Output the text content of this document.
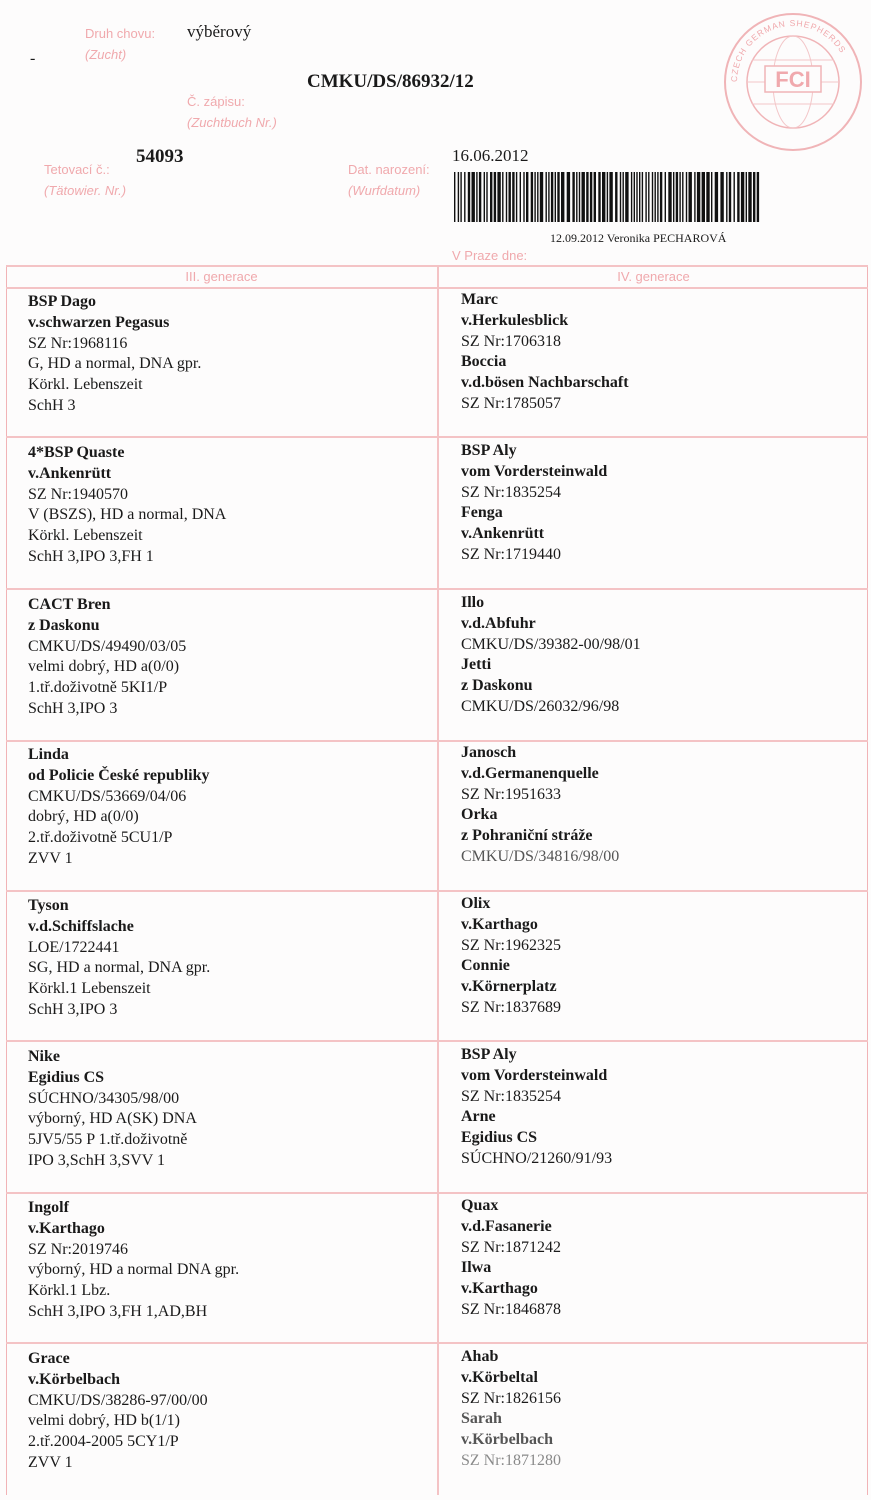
Druh chovu:
(Zucht)
výběrový
-
CMKU/DS/86932/12
Č. zápisu:
(Zuchtbuch Nr.)
Tetovací č.:
(Tätowier. Nr.)
54093
Dat. narození:
(Wurfdatum)
16.06.2012
12.09.2012 Veronika PECHAROVÁ
V Praze dne:
FCI
CZECH GERMAN SHEPHERDS
III. generace	IV. generace
BSP Dago
v.schwarzen Pegasus
SZ Nr:1968116
G, HD a normal, DNA gpr.
Körkl. Lebenszeit
SchH 3
Marc
v.Herkulesblick
SZ Nr:1706318
Boccia
v.d.bösen Nachbarschaft
SZ Nr:1785057
4*BSP Quaste
v.Ankenrütt
SZ Nr:1940570
V (BSZS), HD a normal, DNA
Körkl. Lebenszeit
SchH 3,IPO 3,FH 1
BSP Aly
vom Vordersteinwald
SZ Nr:1835254
Fenga
v.Ankenrütt
SZ Nr:1719440
CACT Bren
z Daskonu
CMKU/DS/49490/03/05
velmi dobrý, HD a(0/0)
1.tř.doživotně 5KI1/P
SchH 3,IPO 3
Illo
v.d.Abfuhr
CMKU/DS/39382-00/98/01
Jetti
z Daskonu
CMKU/DS/26032/96/98
Linda
od Policie České republiky
CMKU/DS/53669/04/06
dobrý, HD a(0/0)
2.tř.doživotně 5CU1/P
ZVV 1
Janosch
v.d.Germanenquelle
SZ Nr:1951633
Orka
z Pohraniční stráže
CMKU/DS/34816/98/00
Tyson
v.d.Schiffslache
LOE/1722441
SG, HD a normal, DNA gpr.
Körkl.1 Lebenszeit
SchH 3,IPO 3
Olix
v.Karthago
SZ Nr:1962325
Connie
v.Körnerplatz
SZ Nr:1837689
Nike
Egidius CS
SÚCHNO/34305/98/00
výborný, HD A(SK) DNA
5JV5/55 P 1.tř.doživotně
IPO 3,SchH 3,SVV 1
BSP Aly
vom Vordersteinwald
SZ Nr:1835254
Arne
Egidius CS
SÚCHNO/21260/91/93
Ingolf
v.Karthago
SZ Nr:2019746
výborný, HD a normal DNA gpr.
Körkl.1 Lbz.
SchH 3,IPO 3,FH 1,AD,BH
Quax
v.d.Fasanerie
SZ Nr:1871242
Ilwa
v.Karthago
SZ Nr:1846878
Grace
v.Körbelbach
CMKU/DS/38286-97/00/00
velmi dobrý, HD b(1/1)
2.tř.2004-2005 5CY1/P
ZVV 1
Ahab
v.Körbeltal
SZ Nr:1826156
Sarah
v.Körbelbach
SZ Nr:1871280
